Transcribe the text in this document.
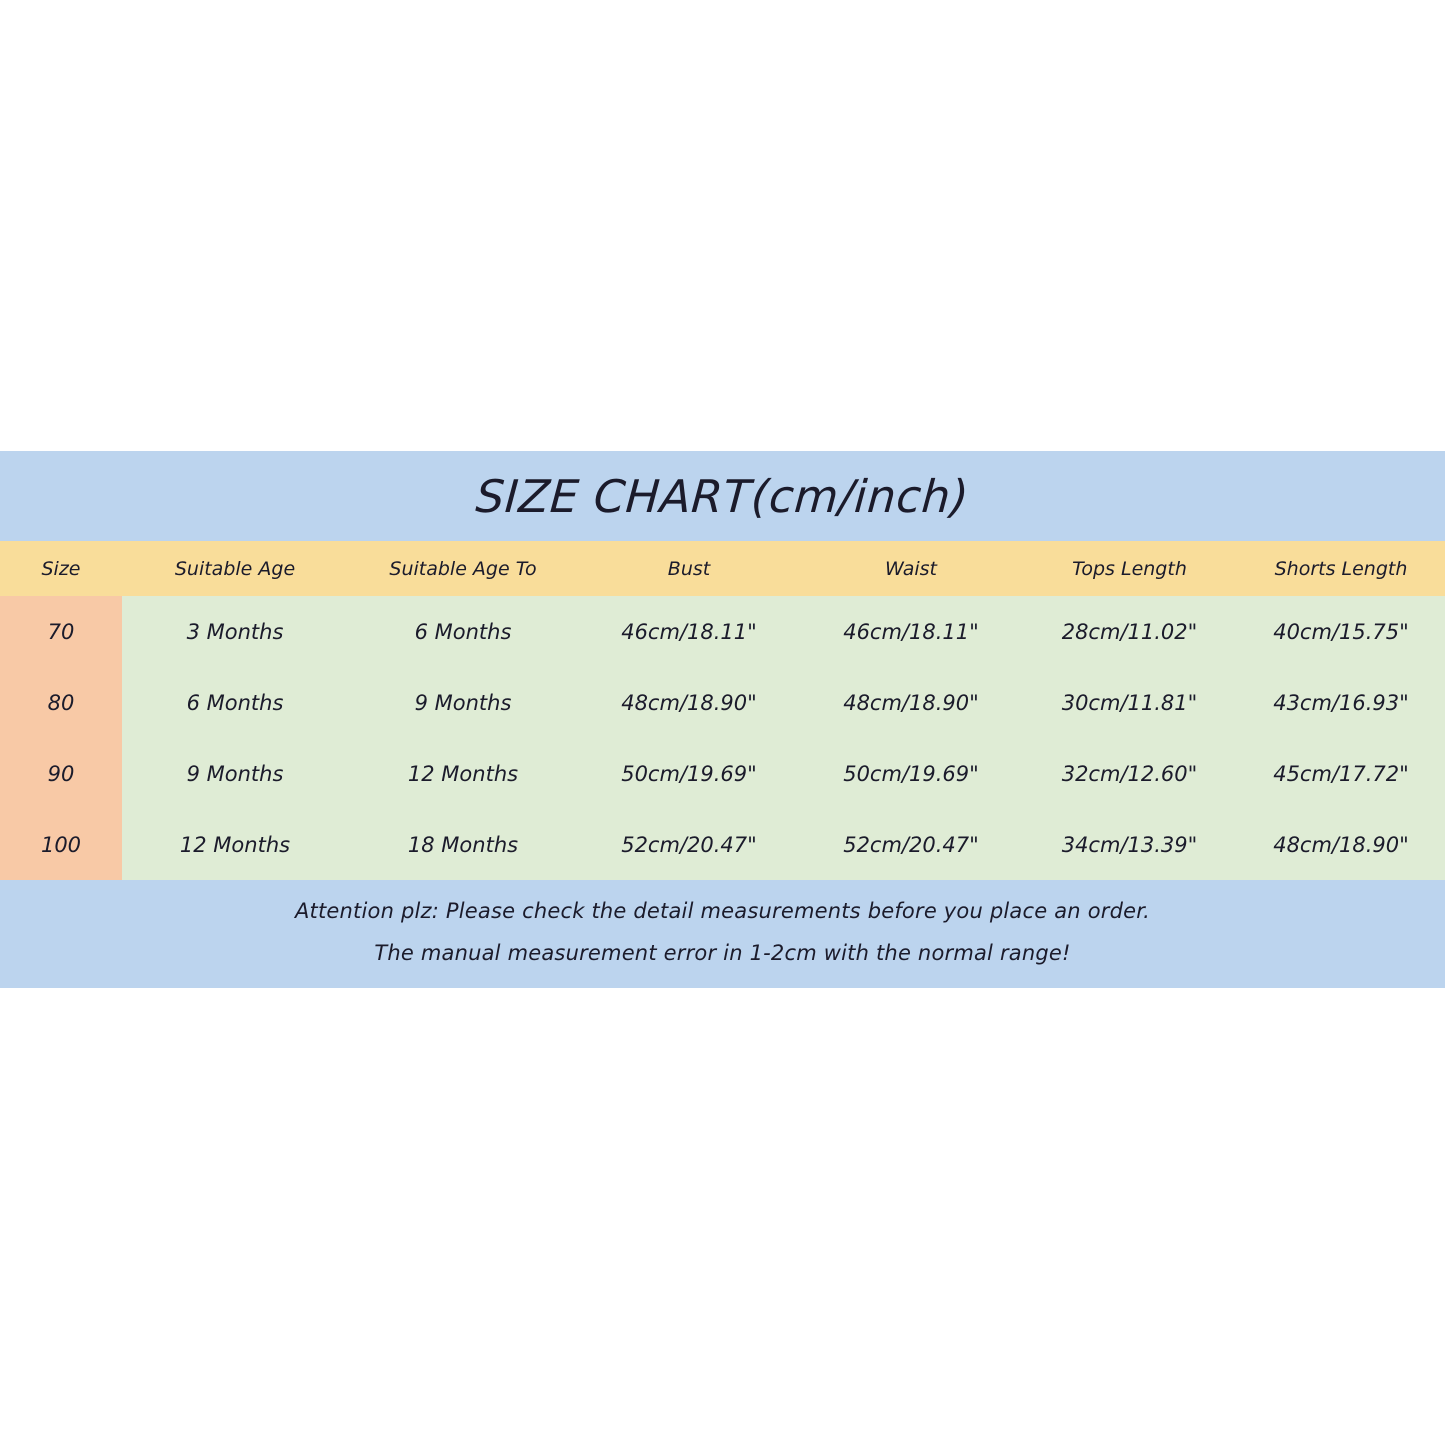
SIZE CHART(cm/inch)
Size	Suitable Age	Suitable Age To	Bust	Waist	Tops Length	Shorts Length
70	3 Months	6 Months	46cm/18.11"	46cm/18.11"	28cm/11.02"	40cm/15.75"
80	6 Months	9 Months	48cm/18.90"	48cm/18.90"	30cm/11.81"	43cm/16.93"
90	9 Months	12 Months	50cm/19.69"	50cm/19.69"	32cm/12.60"	45cm/17.72"
100	12 Months	18 Months	52cm/20.47"	52cm/20.47"	34cm/13.39"	48cm/18.90"
Attention plz: Please check the detail measurements before you place an order.
The manual measurement error in 1-2cm with the normal range!
